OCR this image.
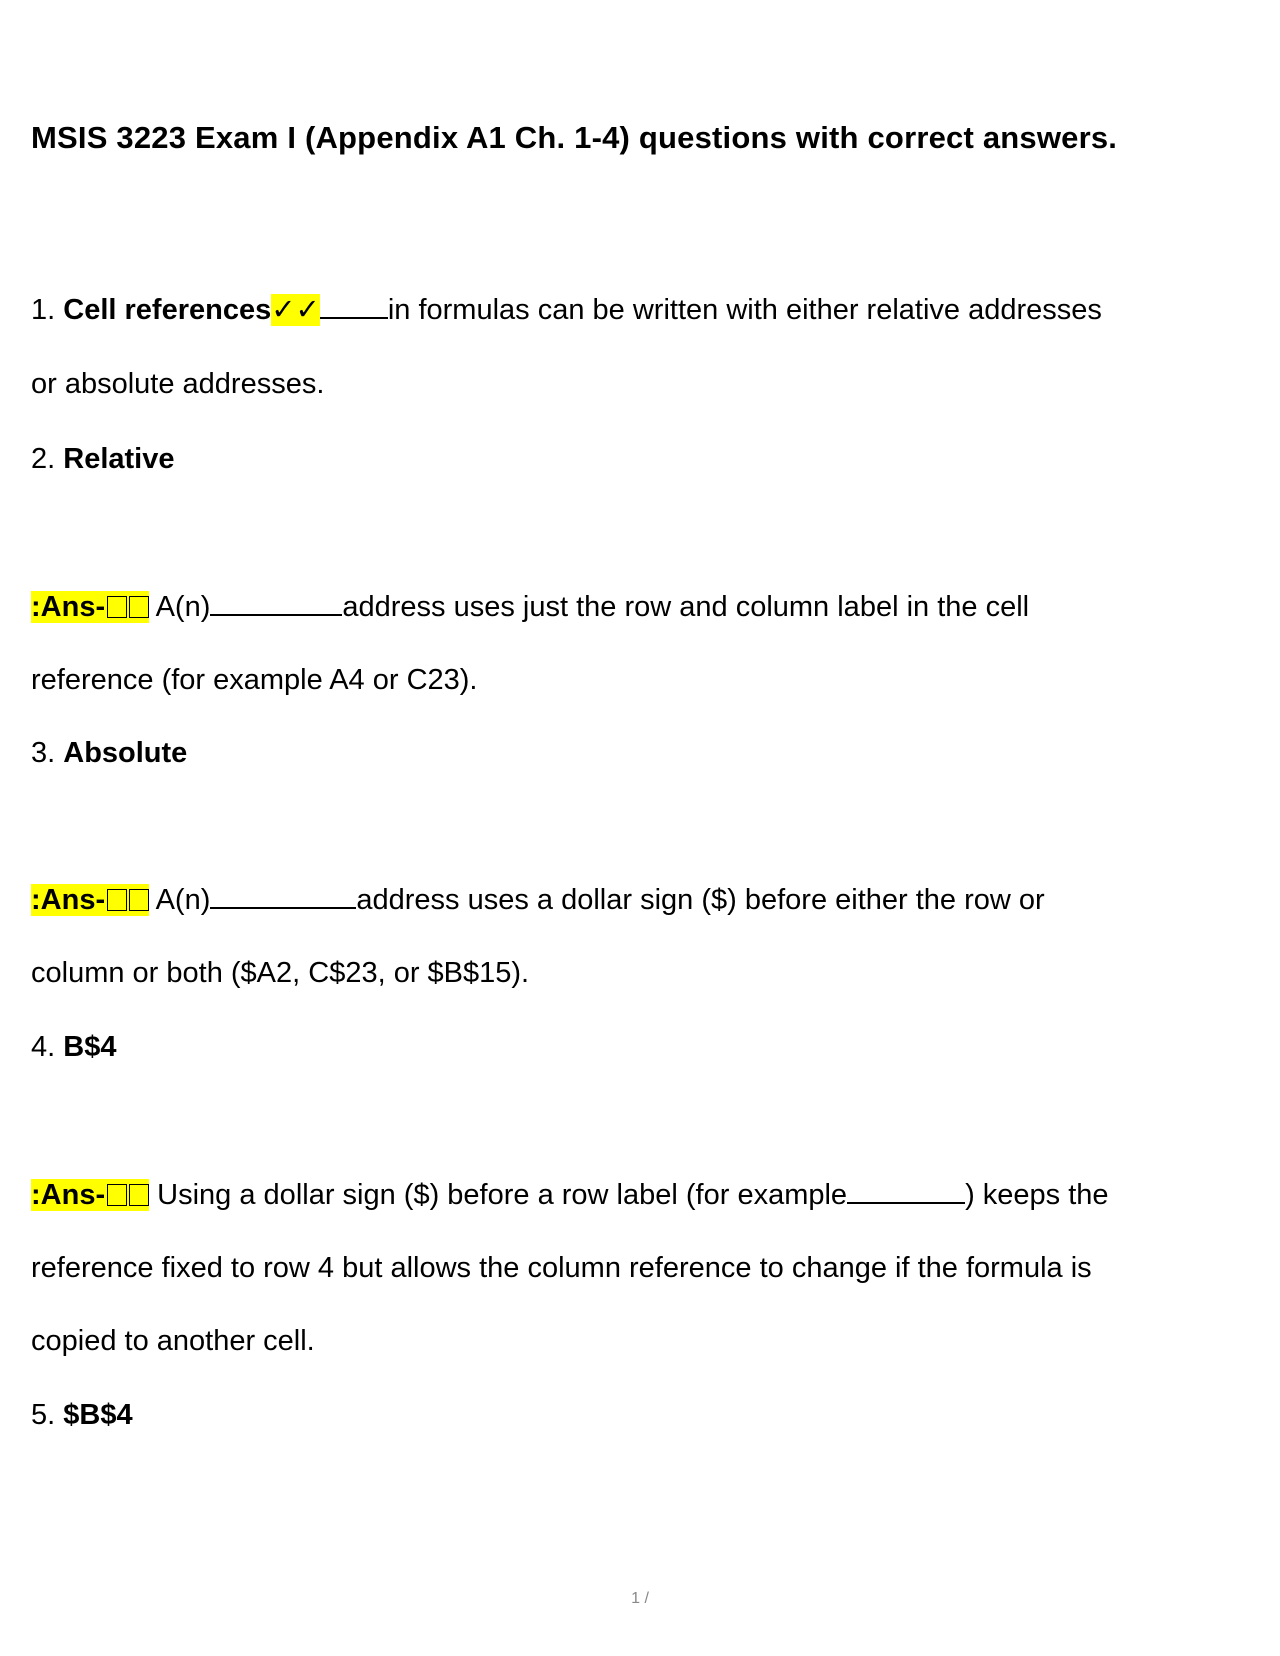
MSIS 3223 Exam I (Appendix A1 Ch. 1-4) questions with correct answers.
1. Cell references✓✓ in formulas can be written with either relative addresses
or absolute addresses.
2. Relative
:Ans- A(n)	address uses just the row and column label in the cell
reference (for example A4 or C23).
3. Absolute
:Ans- A(n)	address uses a dollar sign ($) before either the row or
column or both ($A2, C$23, or $B$15).
4. B$4
:Ans- Using a dollar sign ($) before a row label (for example	) keeps the
reference fixed to row 4 but allows the column reference to change if the formula is
copied to another cell.
5. $B$4
1 /
